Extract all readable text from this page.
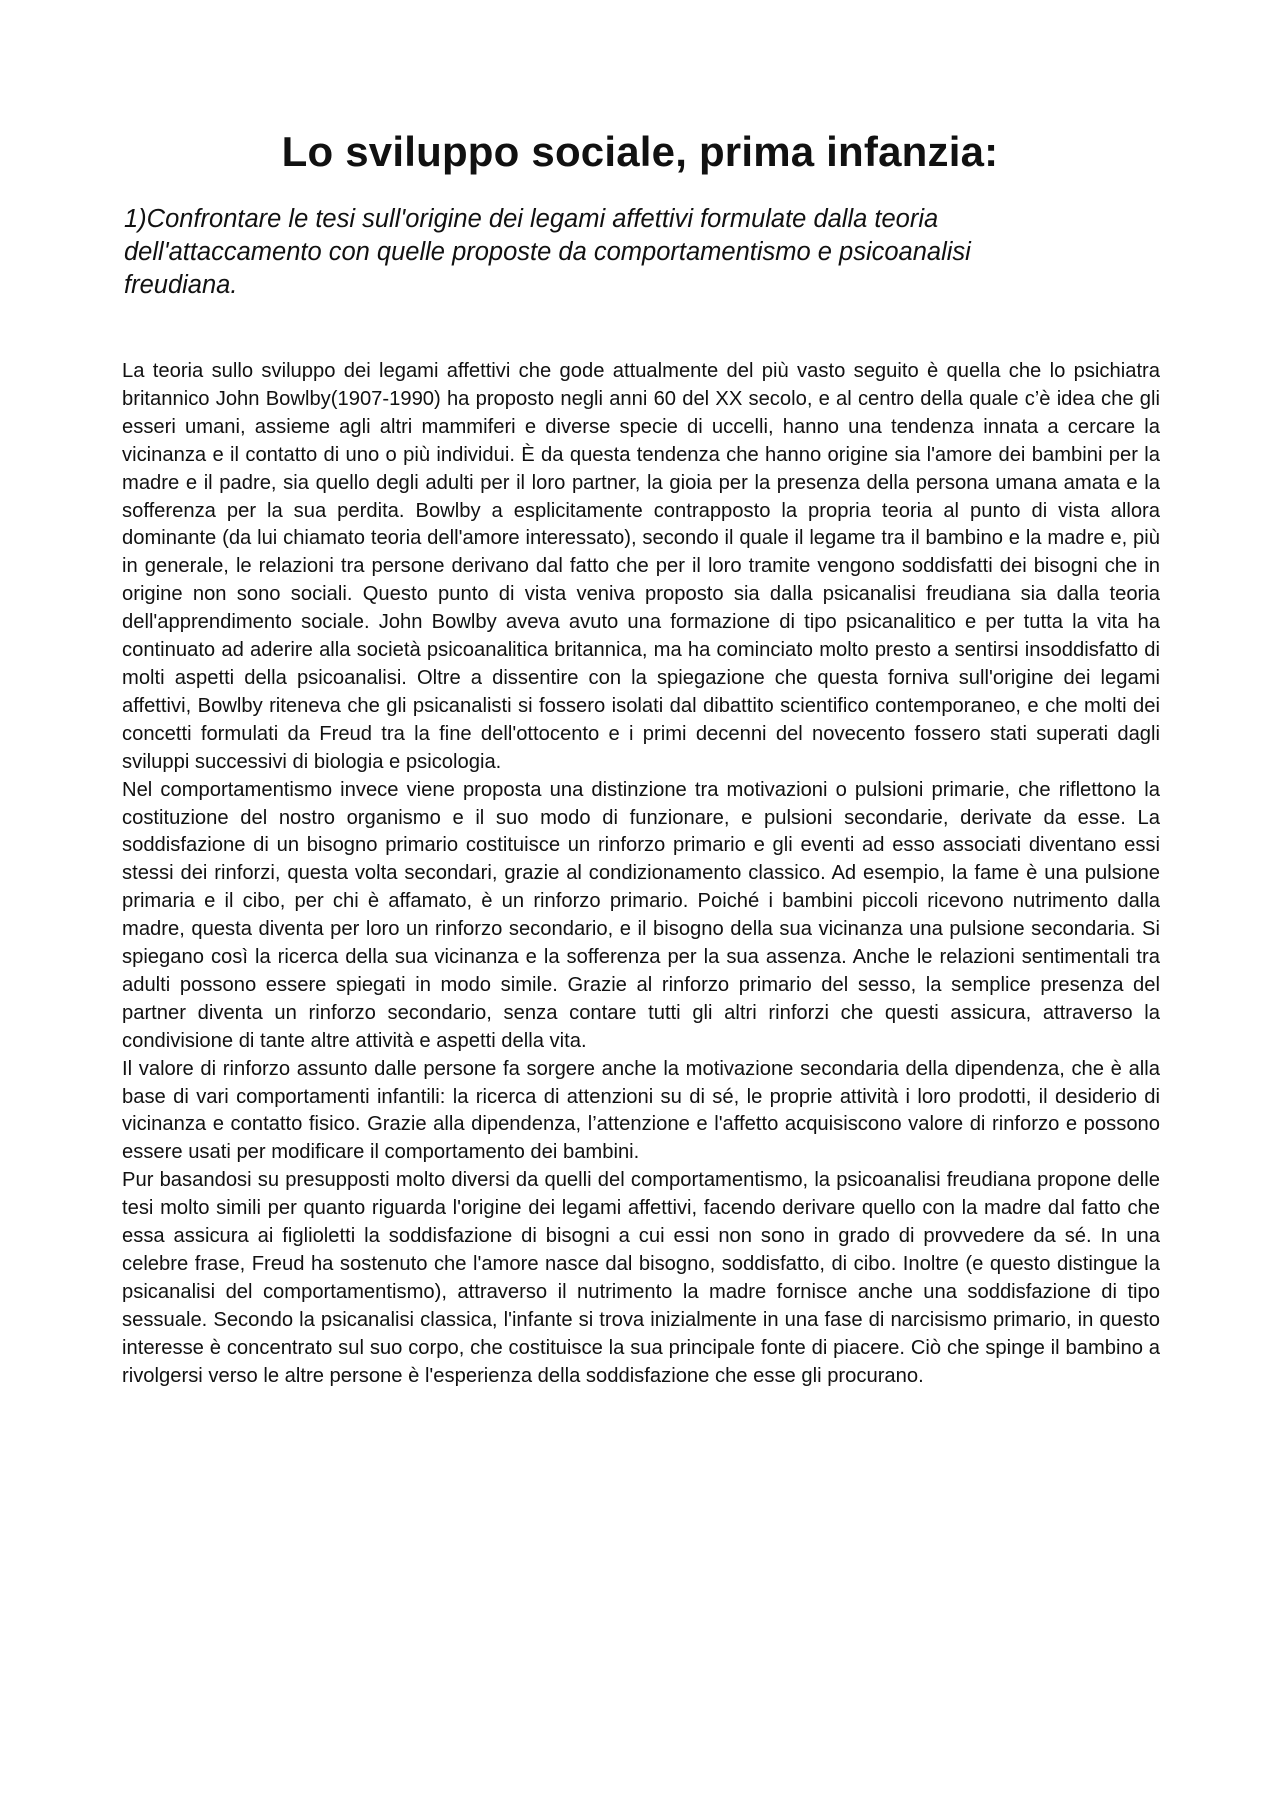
Lo sviluppo sociale, prima infanzia:

1)Confrontare le tesi sull'origine dei legami affettivi formulate dalla teoria dell'attaccamento con quelle proposte da comportamentismo e psicoanalisi freudiana.

La teoria sullo sviluppo dei legami affettivi che gode attualmente del più vasto seguito è quella che lo psichiatra britannico John Bowlby(1907-1990) ha proposto negli anni 60 del XX secolo, e al centro della quale c’è idea che gli esseri umani, assieme agli altri mammiferi e diverse specie di uccelli, hanno una tendenza innata a cercare la vicinanza e il contatto di uno o più individui. È da questa tendenza che hanno origine sia l'amore dei bambini per la madre e il padre, sia quello degli adulti per il loro partner, la gioia per la presenza della persona umana amata e la sofferenza per la sua perdita. Bowlby a esplicitamente contrapposto la propria teoria al punto di vista allora dominante (da lui chiamato teoria dell'amore interessato), secondo il quale il legame tra il bambino e la madre e, più in generale, le relazioni tra persone derivano dal fatto che per il loro tramite vengono soddisfatti dei bisogni che in origine non sono sociali. Questo punto di vista veniva proposto sia dalla psicanalisi freudiana sia dalla teoria dell'apprendimento sociale. John Bowlby aveva avuto una formazione di tipo psicanalitico e per tutta la vita ha continuato ad aderire alla società psicoanalitica britannica, ma ha cominciato molto presto a sentirsi insoddisfatto di molti aspetti della psicoanalisi. Oltre a dissentire con la spiegazione che questa forniva sull'origine dei legami affettivi, Bowlby riteneva che gli psicanalisti si fossero isolati dal dibattito scientifico contemporaneo, e che molti dei concetti formulati da Freud tra la fine dell'ottocento e i primi decenni del novecento fossero stati superati dagli sviluppi successivi di biologia e psicologia.

Nel comportamentismo invece viene proposta una distinzione tra motivazioni o pulsioni primarie, che riflettono la costituzione del nostro organismo e il suo modo di funzionare, e pulsioni secondarie, derivate da esse. La soddisfazione di un bisogno primario costituisce un rinforzo primario e gli eventi ad esso associati diventano essi stessi dei rinforzi, questa volta secondari, grazie al condizionamento classico. Ad esempio, la fame è una pulsione primaria e il cibo, per chi è affamato, è un rinforzo primario. Poiché i bambini piccoli ricevono nutrimento dalla madre, questa diventa per loro un rinforzo secondario, e il bisogno della sua vicinanza una pulsione secondaria. Si spiegano così la ricerca della sua vicinanza e la sofferenza per la sua assenza. Anche le relazioni sentimentali tra adulti possono essere spiegati in modo simile. Grazie al rinforzo primario del sesso, la semplice presenza del partner diventa un rinforzo secondario, senza contare tutti gli altri rinforzi che questi assicura, attraverso la condivisione di tante altre attività e aspetti della vita.

Il valore di rinforzo assunto dalle persone fa sorgere anche la motivazione secondaria della dipendenza, che è alla base di vari comportamenti infantili: la ricerca di attenzioni su di sé, le proprie attività i loro prodotti, il desiderio di vicinanza e contatto fisico. Grazie alla dipendenza, l’attenzione e l'affetto acquisiscono valore di rinforzo e possono essere usati per modificare il comportamento dei bambini.

Pur basandosi su presupposti molto diversi da quelli del comportamentismo, la psicoanalisi freudiana propone delle tesi molto simili per quanto riguarda l'origine dei legami affettivi, facendo derivare quello con la madre dal fatto che essa assicura ai figlioletti la soddisfazione di bisogni a cui essi non sono in grado di provvedere da sé. In una celebre frase, Freud ha sostenuto che l'amore nasce dal bisogno, soddisfatto, di cibo. Inoltre (e questo distingue la psicanalisi del comportamentismo), attraverso il nutrimento la madre fornisce anche una soddisfazione di tipo sessuale. Secondo la psicanalisi classica, l'infante si trova inizialmente in una fase di narcisismo primario, in questo interesse è concentrato sul suo corpo, che costituisce la sua principale fonte di piacere. Ciò che spinge il bambino a rivolgersi verso le altre persone è l'esperienza della soddisfazione che esse gli procurano.
